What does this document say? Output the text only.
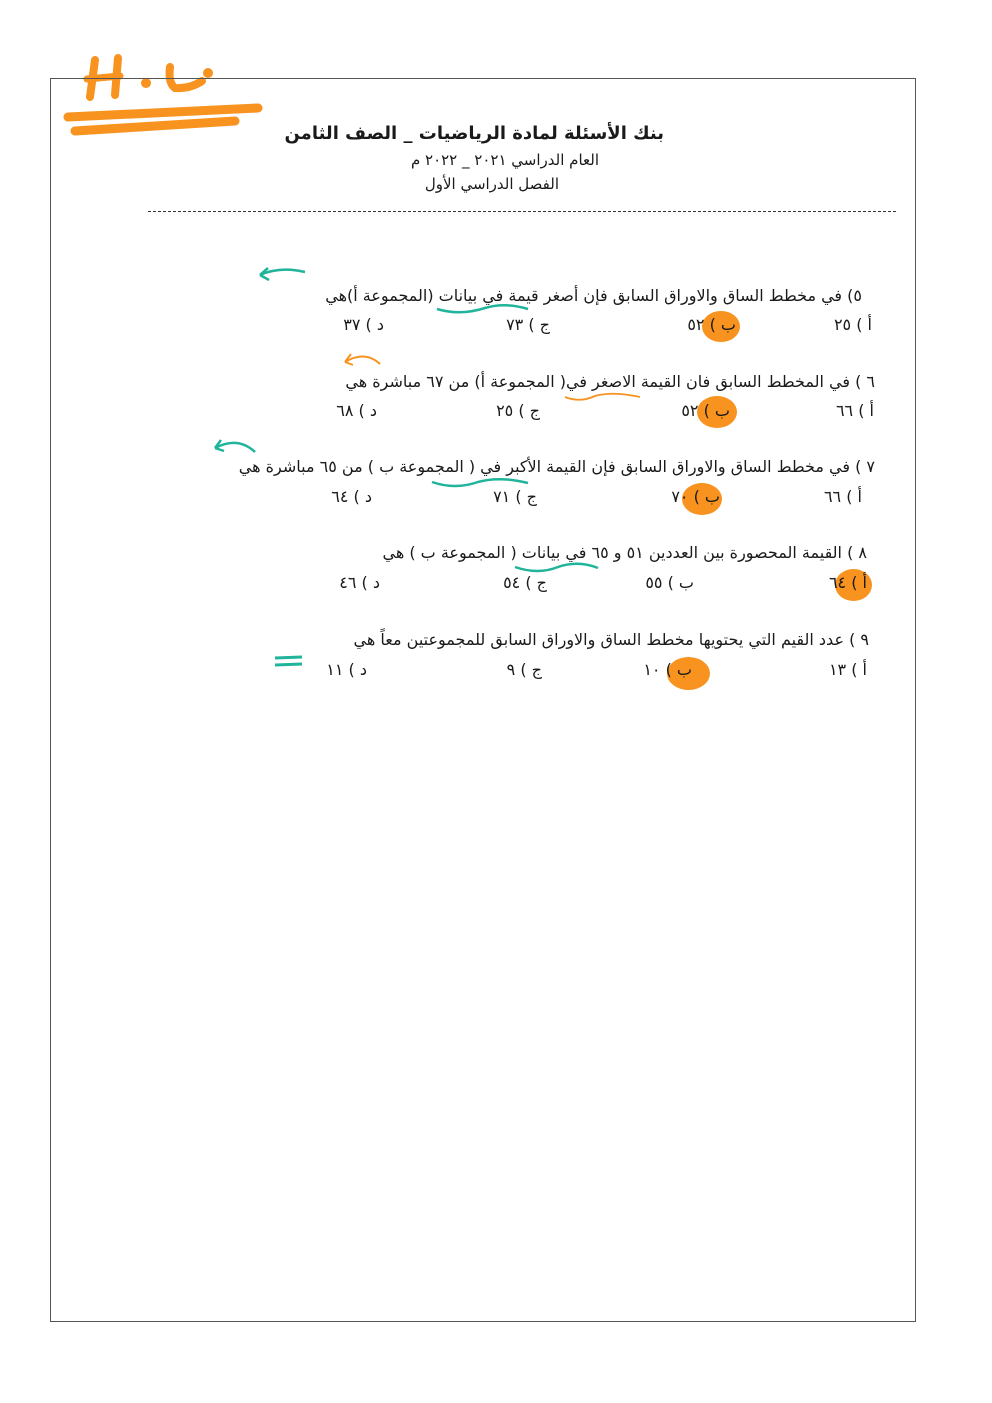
بنك الأسئلة لمادة الرياضيات _ الصف الثامن
العام الدراسي ٢٠٢١ _ ٢٠٢٢ م
الفصل الدراسي الأول
٥) في مخطط الساق والاوراق السابق فإن أصغر قيمة في بيانات (المجموعة أ)هي
أ ) ٢٥
ب ) ٥٢
ج ) ٧٣
د ) ٣٧
٦ ) في المخطط السابق فان القيمة الاصغر في( المجموعة أ) من ٦٧ مباشرة هي
أ ) ٦٦
ب ) ٥٢
ج ) ٢٥
د ) ٦٨
٧ ) في مخطط الساق والاوراق السابق فإن القيمة الأكبر في ( المجموعة ب ) من ٦٥ مباشرة هي
أ ) ٦٦
ب ) ٧٠
ج ) ٧١
د ) ٦٤
٨ ) القيمة المحصورة بين العددين ٥١ و ٦٥ في بيانات ( المجموعة ب ) هي
أ ) ٦٤
ب ) ٥٥
ج ) ٥٤
د ) ٤٦
٩ ) عدد القيم التي يحتويها مخطط الساق والاوراق السابق للمجموعتين معاً هي
أ ) ١٣
ب ) ١٠
ج ) ٩
د ) ١١
